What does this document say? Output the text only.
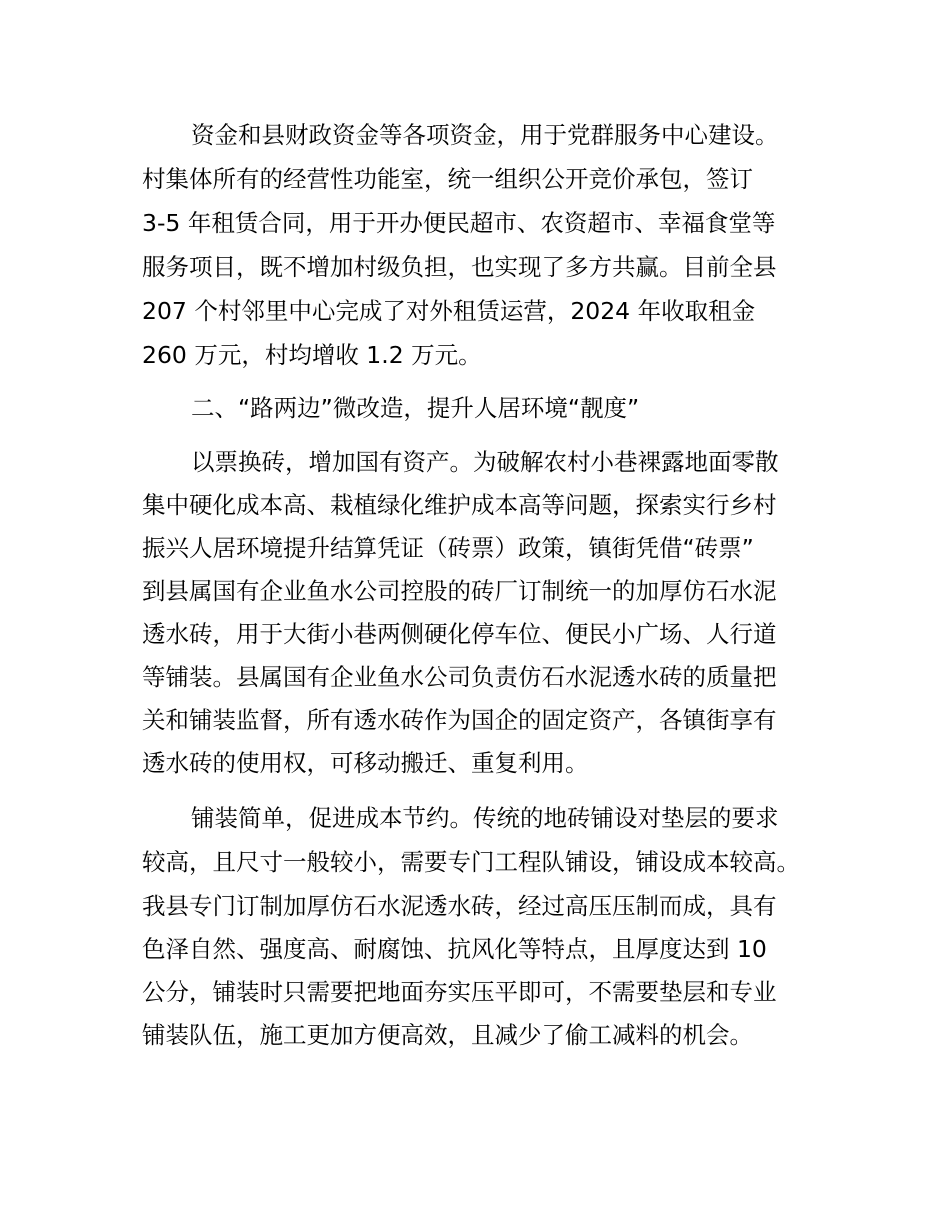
资金和县财政资金等各项资金，用于党群服务中心建设。

村集体所有的经营性功能室，统一组织公开竞价承包，签订

3-5 年租赁合同，用于开办便民超市、农资超市、幸福食堂等

服务项目，既不增加村级负担，也实现了多方共赢。目前全县

207 个村邻里中心完成了对外租赁运营，2024 年收取租金

260 万元，村均增收 1.2 万元。

二、“路两边”微改造，提升人居环境“靓度”

以票换砖，增加国有资产。为破解农村小巷裸露地面零散

集中硬化成本高、栽植绿化维护成本高等问题，探索实行乡村

振兴人居环境提升结算凭证（砖票）政策，镇街凭借“砖票”

到县属国有企业鱼水公司控股的砖厂订制统一的加厚仿石水泥

透水砖，用于大街小巷两侧硬化停车位、便民小广场、人行道

等铺装。县属国有企业鱼水公司负责仿石水泥透水砖的质量把

关和铺装监督，所有透水砖作为国企的固定资产，各镇街享有

透水砖的使用权，可移动搬迁、重复利用。

铺装简单，促进成本节约。传统的地砖铺设对垫层的要求

较高，且尺寸一般较小，需要专门工程队铺设，铺设成本较高。

我县专门订制加厚仿石水泥透水砖，经过高压压制而成，具有

色泽自然、强度高、耐腐蚀、抗风化等特点，且厚度达到 10

公分，铺装时只需要把地面夯实压平即可，不需要垫层和专业

铺装队伍，施工更加方便高效，且减少了偷工减料的机会。
